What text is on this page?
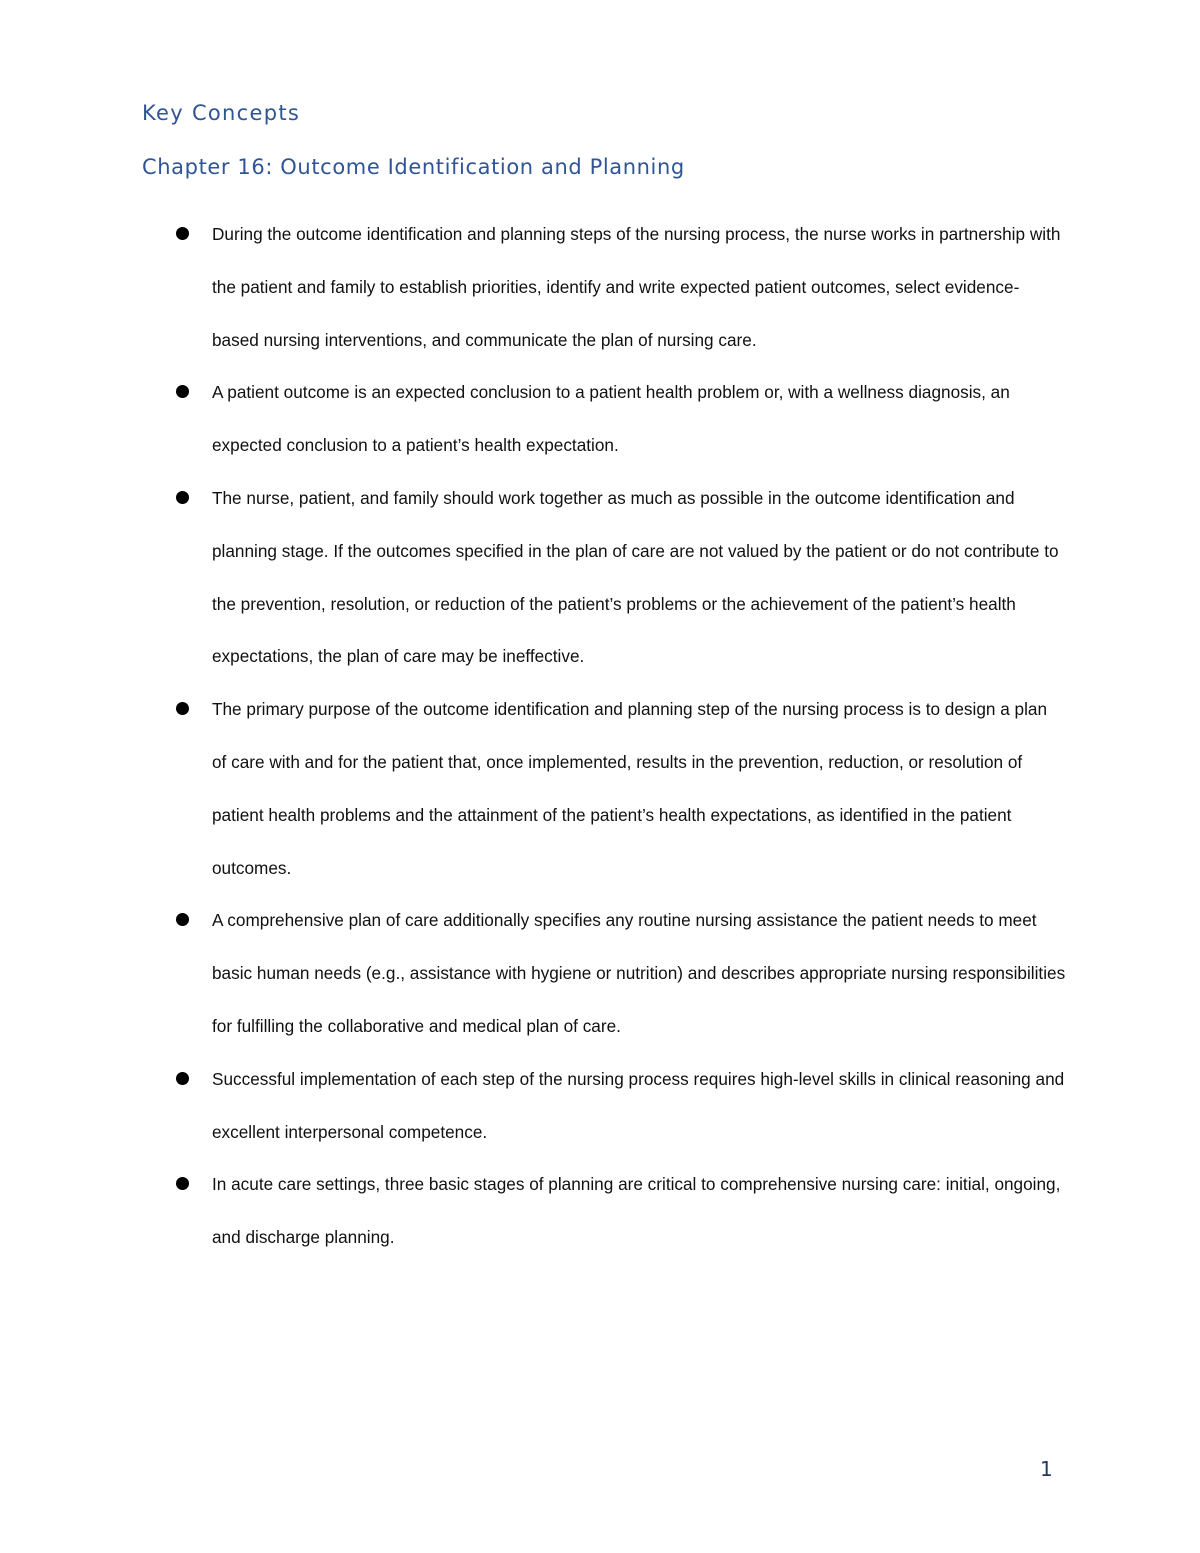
Key Concepts
Chapter 16: Outcome Identification and Planning
During the outcome identification and planning steps of the nursing process, the nurse works in partnership with the patient and family to establish priorities, identify and write expected patient outcomes, select evidence-based nursing interventions, and communicate the plan of nursing care.
A patient outcome is an expected conclusion to a patient health problem or, with a wellness diagnosis, an expected conclusion to a patient’s health expectation.
The nurse, patient, and family should work together as much as possible in the outcome identification and planning stage. If the outcomes specified in the plan of care are not valued by the patient or do not contribute to the prevention, resolution, or reduction of the patient’s problems or the achievement of the patient’s health expectations, the plan of care may be ineffective.
The primary purpose of the outcome identification and planning step of the nursing process is to design a plan of care with and for the patient that, once implemented, results in the prevention, reduction, or resolution of patient health problems and the attainment of the patient’s health expectations, as identified in the patient outcomes.
A comprehensive plan of care additionally specifies any routine nursing assistance the patient needs to meet basic human needs (e.g., assistance with hygiene or nutrition) and describes appropriate nursing responsibilities for fulfilling the collaborative and medical plan of care.
Successful implementation of each step of the nursing process requires high-level skills in clinical reasoning and excellent interpersonal competence.
In acute care settings, three basic stages of planning are critical to comprehensive nursing care: initial, ongoing, and discharge planning.
1
